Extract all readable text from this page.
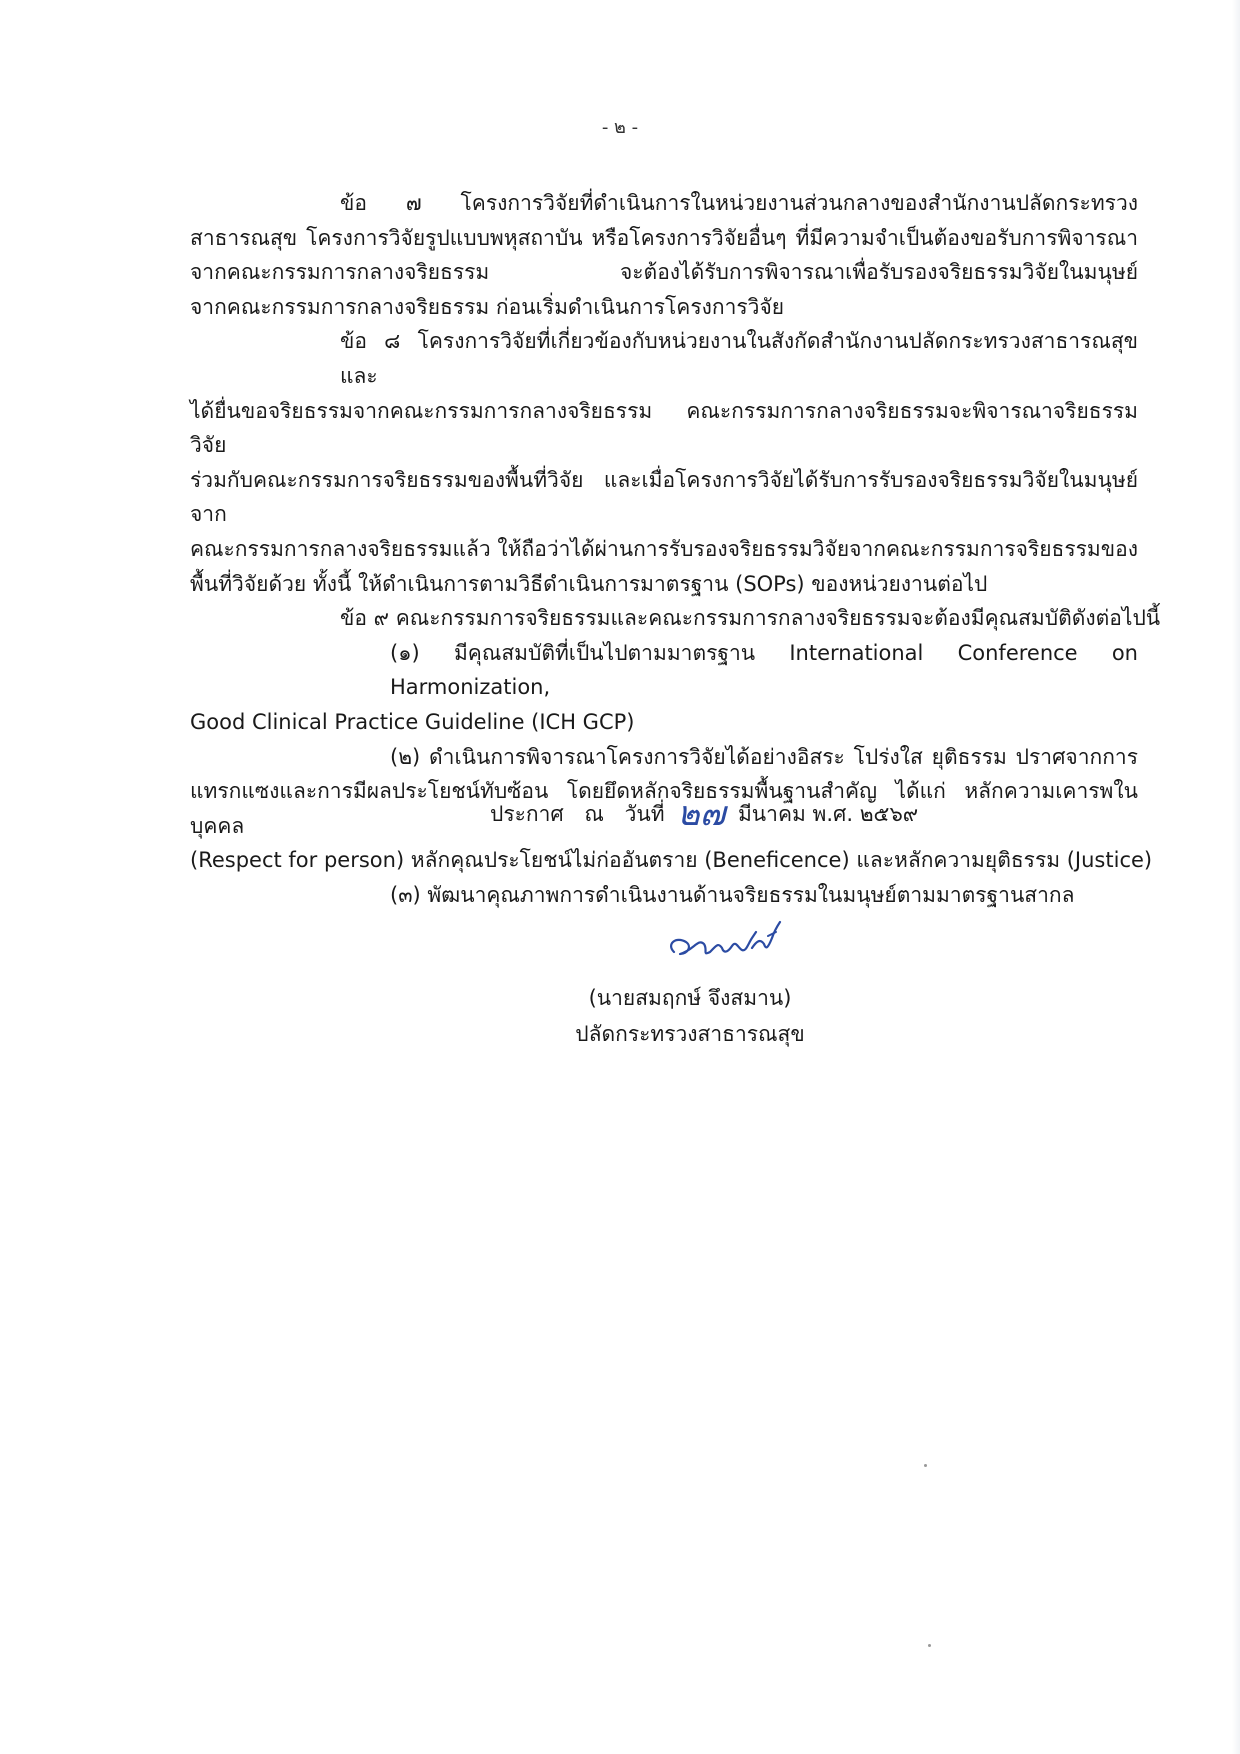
- ๒ -

ข้อ ๗ โครงการวิจัยที่ดำเนินการในหน่วยงานส่วนกลางของสำนักงานปลัดกระทรวง
สาธารณสุข โครงการวิจัยรูปแบบพหุสถาบัน หรือโครงการวิจัยอื่นๆ ที่มีความจำเป็นต้องขอรับการพิจารณา
จากคณะกรรมการกลางจริยธรรม จะต้องได้รับการพิจารณาเพื่อรับรองจริยธรรมวิจัยในมนุษย์
จากคณะกรรมการกลางจริยธรรม ก่อนเริ่มดำเนินการโครงการวิจัย

ข้อ ๘ โครงการวิจัยที่เกี่ยวข้องกับหน่วยงานในสังกัดสำนักงานปลัดกระทรวงสาธารณสุขและ
ได้ยื่นขอจริยธรรมจากคณะกรรมการกลางจริยธรรม คณะกรรมการกลางจริยธรรมจะพิจารณาจริยธรรมวิจัย
ร่วมกับคณะกรรมการจริยธรรมของพื้นที่วิจัย และเมื่อโครงการวิจัยได้รับการรับรองจริยธรรมวิจัยในมนุษย์จาก
คณะกรรมการกลางจริยธรรมแล้ว ให้ถือว่าได้ผ่านการรับรองจริยธรรมวิจัยจากคณะกรรมการจริยธรรมของ
พื้นที่วิจัยด้วย ทั้งนี้ ให้ดำเนินการตามวิธีดำเนินการมาตรฐาน (SOPs) ของหน่วยงานต่อไป

ข้อ ๙ คณะกรรมการจริยธรรมและคณะกรรมการกลางจริยธรรมจะต้องมีคุณสมบัติดังต่อไปนี้

(๑) มีคุณสมบัติที่เป็นไปตามมาตรฐาน International Conference on Harmonization,
Good Clinical Practice Guideline (ICH GCP)

(๒) ดำเนินการพิจารณาโครงการวิจัยได้อย่างอิสระ โปร่งใส ยุติธรรม ปราศจากการ
แทรกแซงและการมีผลประโยชน์ทับซ้อน โดยยึดหลักจริยธรรมพื้นฐานสำคัญ ได้แก่ หลักความเคารพในบุคคล
(Respect for person) หลักคุณประโยชน์ไม่ก่ออันตราย (Beneficence) และหลักความยุติธรรม (Justice)

(๓) พัฒนาคุณภาพการดำเนินงานด้านจริยธรรมในมนุษย์ตามมาตรฐานสากล

ประกาศ ณ วันที่ ๒๗ มีนาคม พ.ศ. ๒๕๖๙
(นายสมฤกษ์ จึงสมาน)
ปลัดกระทรวงสาธารณสุข
